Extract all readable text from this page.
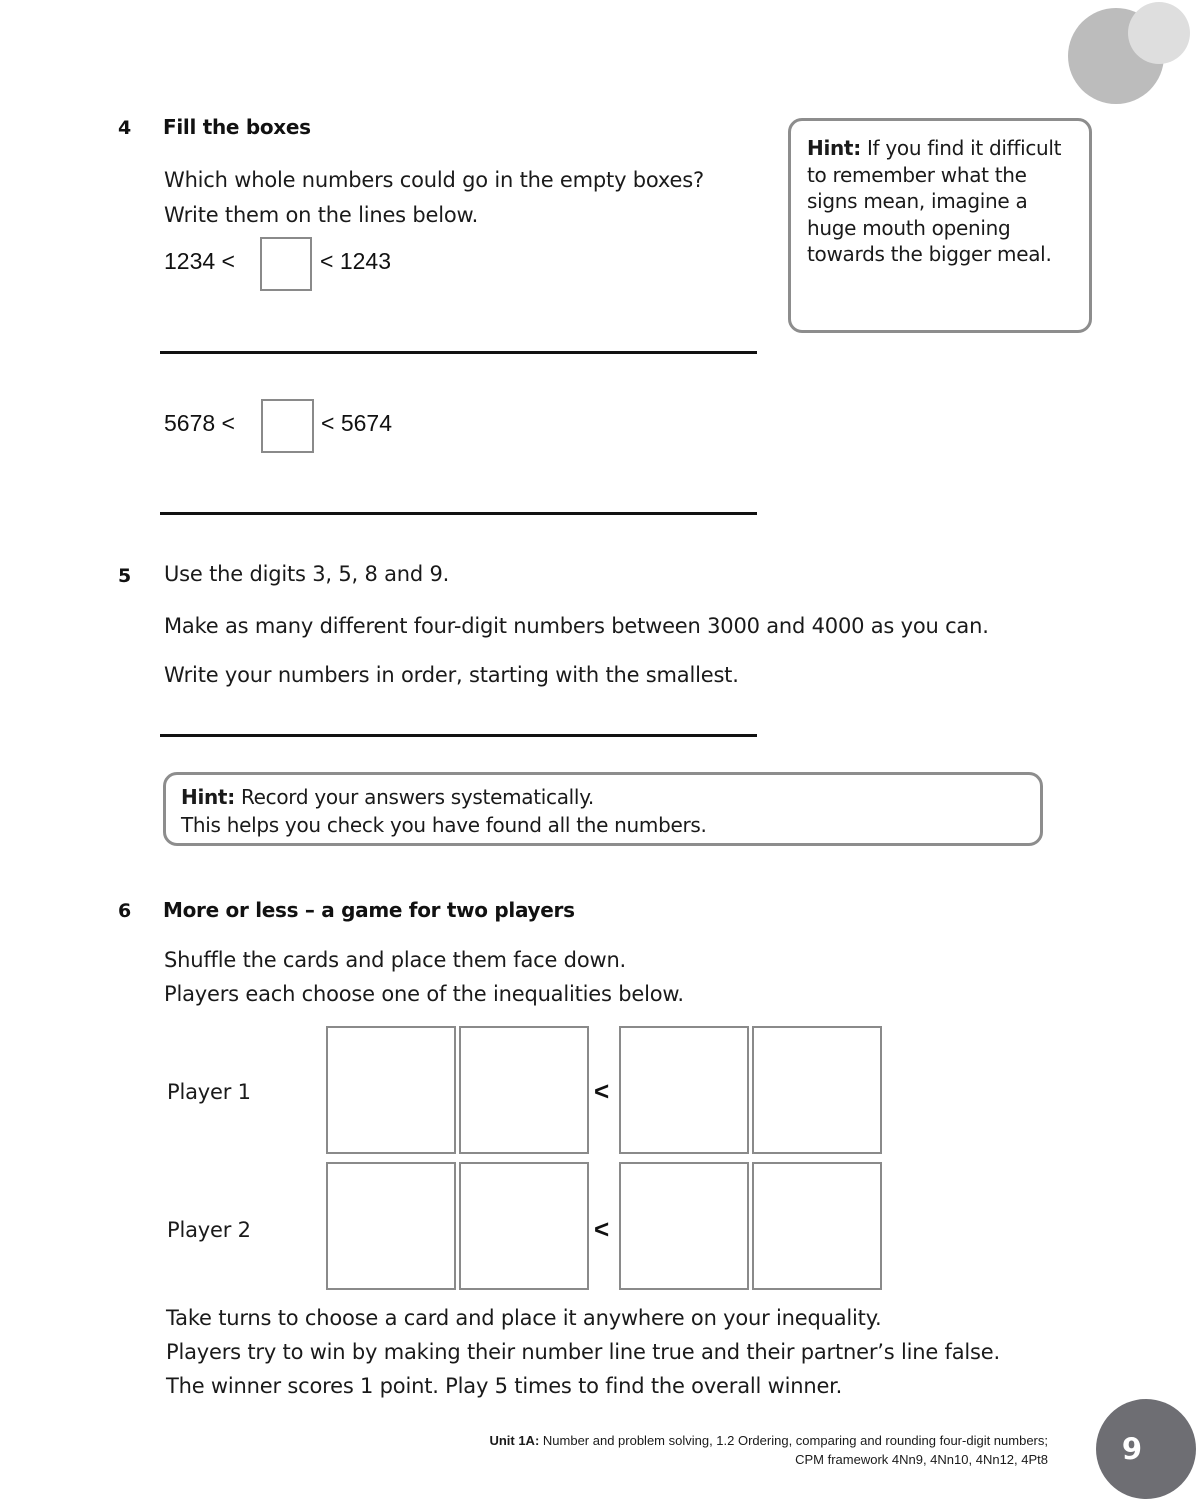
4 Fill the boxes
Which whole numbers could go in the empty boxes?
Write them on the lines below.
1234 <	< 1243
5678 <	< 5674
Hint: If you find it difficult to remember what the signs mean, imagine a huge mouth opening towards the bigger meal.
5 Use the digits 3, 5, 8 and 9.
Make as many different four-digit numbers between 3000 and 4000 as you can.
Write your numbers in order, starting with the smallest.
Hint: Record your answers systematically.
This helps you check you have found all the numbers.
6 More or less – a game for two players
Shuffle the cards and place them face down.
Players each choose one of the inequalities below.
Player 1	<
Player 2	<
Take turns to choose a card and place it anywhere on your inequality.
Players try to win by making their number line true and their partner’s line false.
The winner scores 1 point. Play 5 times to find the overall winner.
Unit 1A: Number and problem solving, 1.2 Ordering, comparing and rounding four-digit numbers;
CPM framework 4Nn9, 4Nn10, 4Nn12, 4Pt8	9
